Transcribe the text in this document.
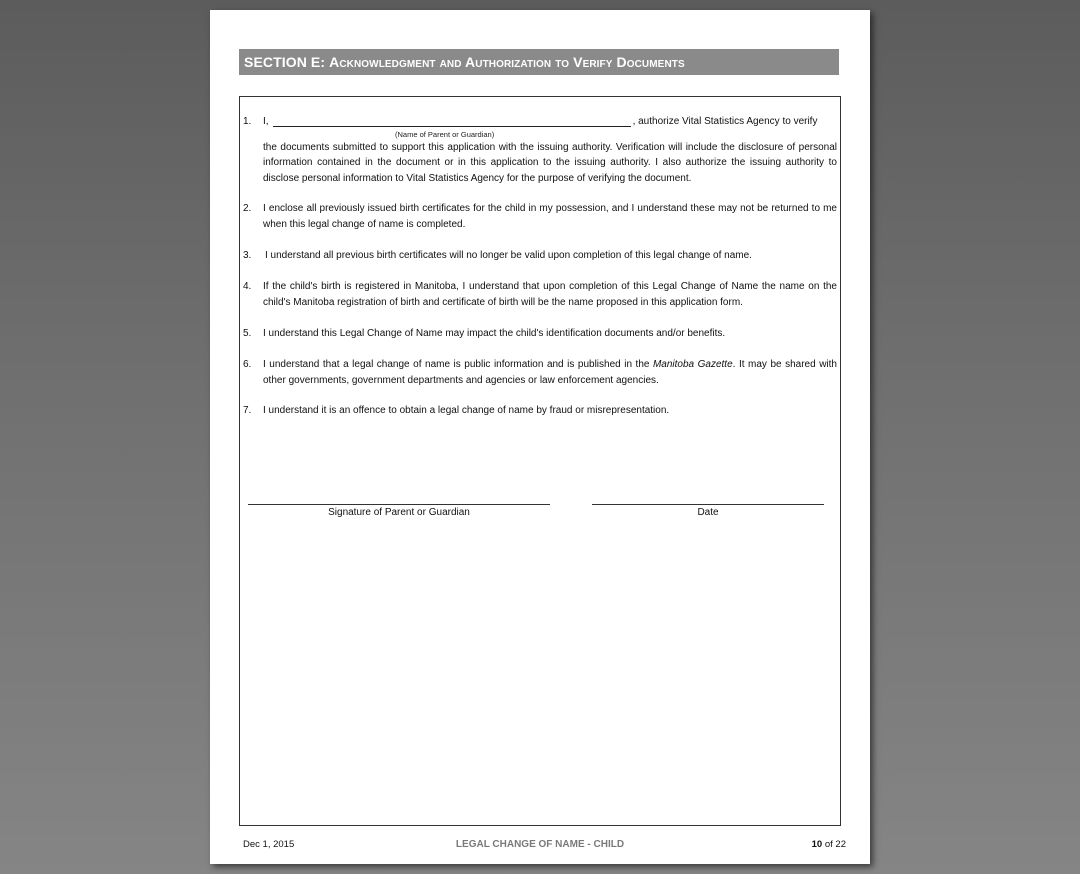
SECTION E: Acknowledgment and Authorization to Verify Documents
1. I,	, authorize Vital Statistics Agency to verify
(Name of Parent or Guardian)
the documents submitted to support this application with the issuing authority. Verification will include the disclosure of personal information contained in the document or in this application to the issuing authority. I also authorize the issuing authority to disclose personal information to Vital Statistics Agency for the purpose of verifying the document.
2. I enclose all previously issued birth certificates for the child in my possession, and I understand these may not be returned to me when this legal change of name is completed.
3. I understand all previous birth certificates will no longer be valid upon completion of this legal change of name.
4. If the child's birth is registered in Manitoba, I understand that upon completion of this Legal Change of Name the name on the child's Manitoba registration of birth and certificate of birth will be the name proposed in this application form.
5. I understand this Legal Change of Name may impact the child's identification documents and/or benefits.
6. I understand that a legal change of name is public information and is published in the Manitoba Gazette. It may be shared with other governments, government departments and agencies or law enforcement agencies.
7. I understand it is an offence to obtain a legal change of name by fraud or misrepresentation.
Signature of Parent or Guardian	Date
Dec 1, 2015	LEGAL CHANGE OF NAME - CHILD	10 of 22
